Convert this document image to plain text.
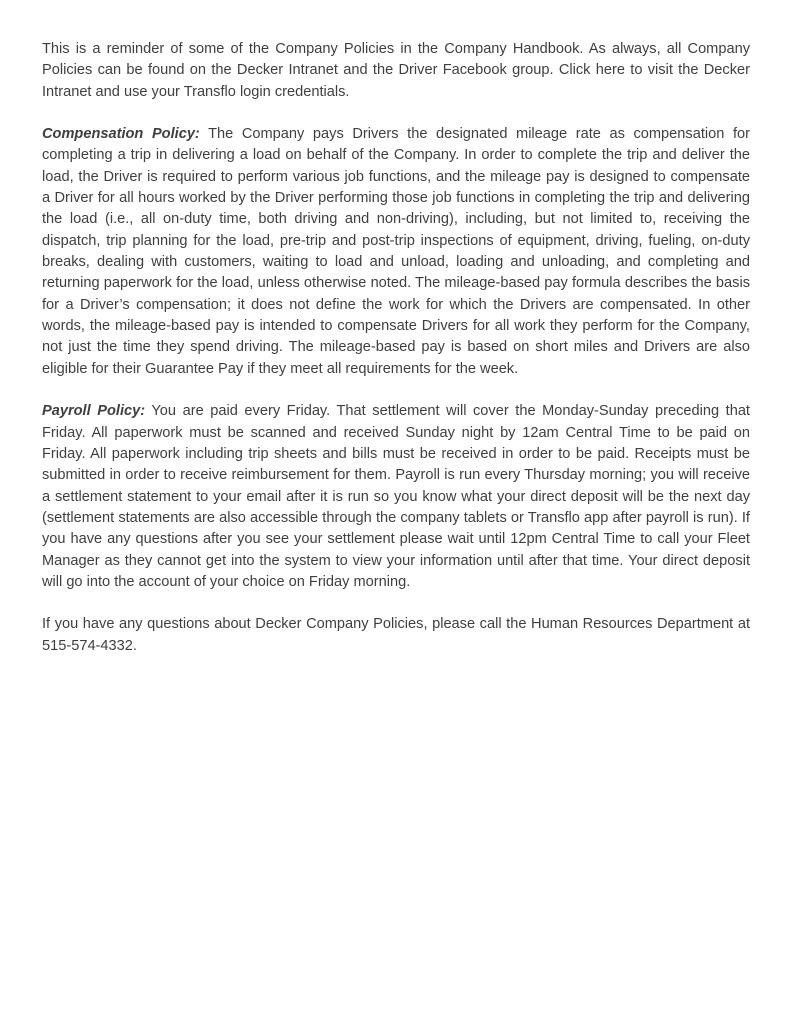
This is a reminder of some of the Company Policies in the Company Handbook. As always, all Company Policies can be found on the Decker Intranet and the Driver Facebook group. Click here to visit the Decker Intranet and use your Transflo login credentials.

Compensation Policy: The Company pays Drivers the designated mileage rate as compensation for completing a trip in delivering a load on behalf of the Company. In order to complete the trip and deliver the load, the Driver is required to perform various job functions, and the mileage pay is designed to compensate a Driver for all hours worked by the Driver performing those job functions in completing the trip and delivering the load (i.e., all on-duty time, both driving and non-driving), including, but not limited to, receiving the dispatch, trip planning for the load, pre-trip and post-trip inspections of equipment, driving, fueling, on-duty breaks, dealing with customers, waiting to load and unload, loading and unloading, and completing and returning paperwork for the load, unless otherwise noted. The mileage-based pay formula describes the basis for a Driver’s compensation; it does not define the work for which the Drivers are compensated. In other words, the mileage-based pay is intended to compensate Drivers for all work they perform for the Company, not just the time they spend driving. The mileage-based pay is based on short miles and Drivers are also eligible for their Guarantee Pay if they meet all requirements for the week.

Payroll Policy: You are paid every Friday. That settlement will cover the Monday-Sunday preceding that Friday. All paperwork must be scanned and received Sunday night by 12am Central Time to be paid on Friday. All paperwork including trip sheets and bills must be received in order to be paid. Receipts must be submitted in order to receive reimbursement for them. Payroll is run every Thursday morning; you will receive a settlement statement to your email after it is run so you know what your direct deposit will be the next day (settlement statements are also accessible through the company tablets or Transflo app after payroll is run). If you have any questions after you see your settlement please wait until 12pm Central Time to call your Fleet Manager as they cannot get into the system to view your information until after that time. Your direct deposit will go into the account of your choice on Friday morning.

If you have any questions about Decker Company Policies, please call the Human Resources Department at 515-574-4332.
